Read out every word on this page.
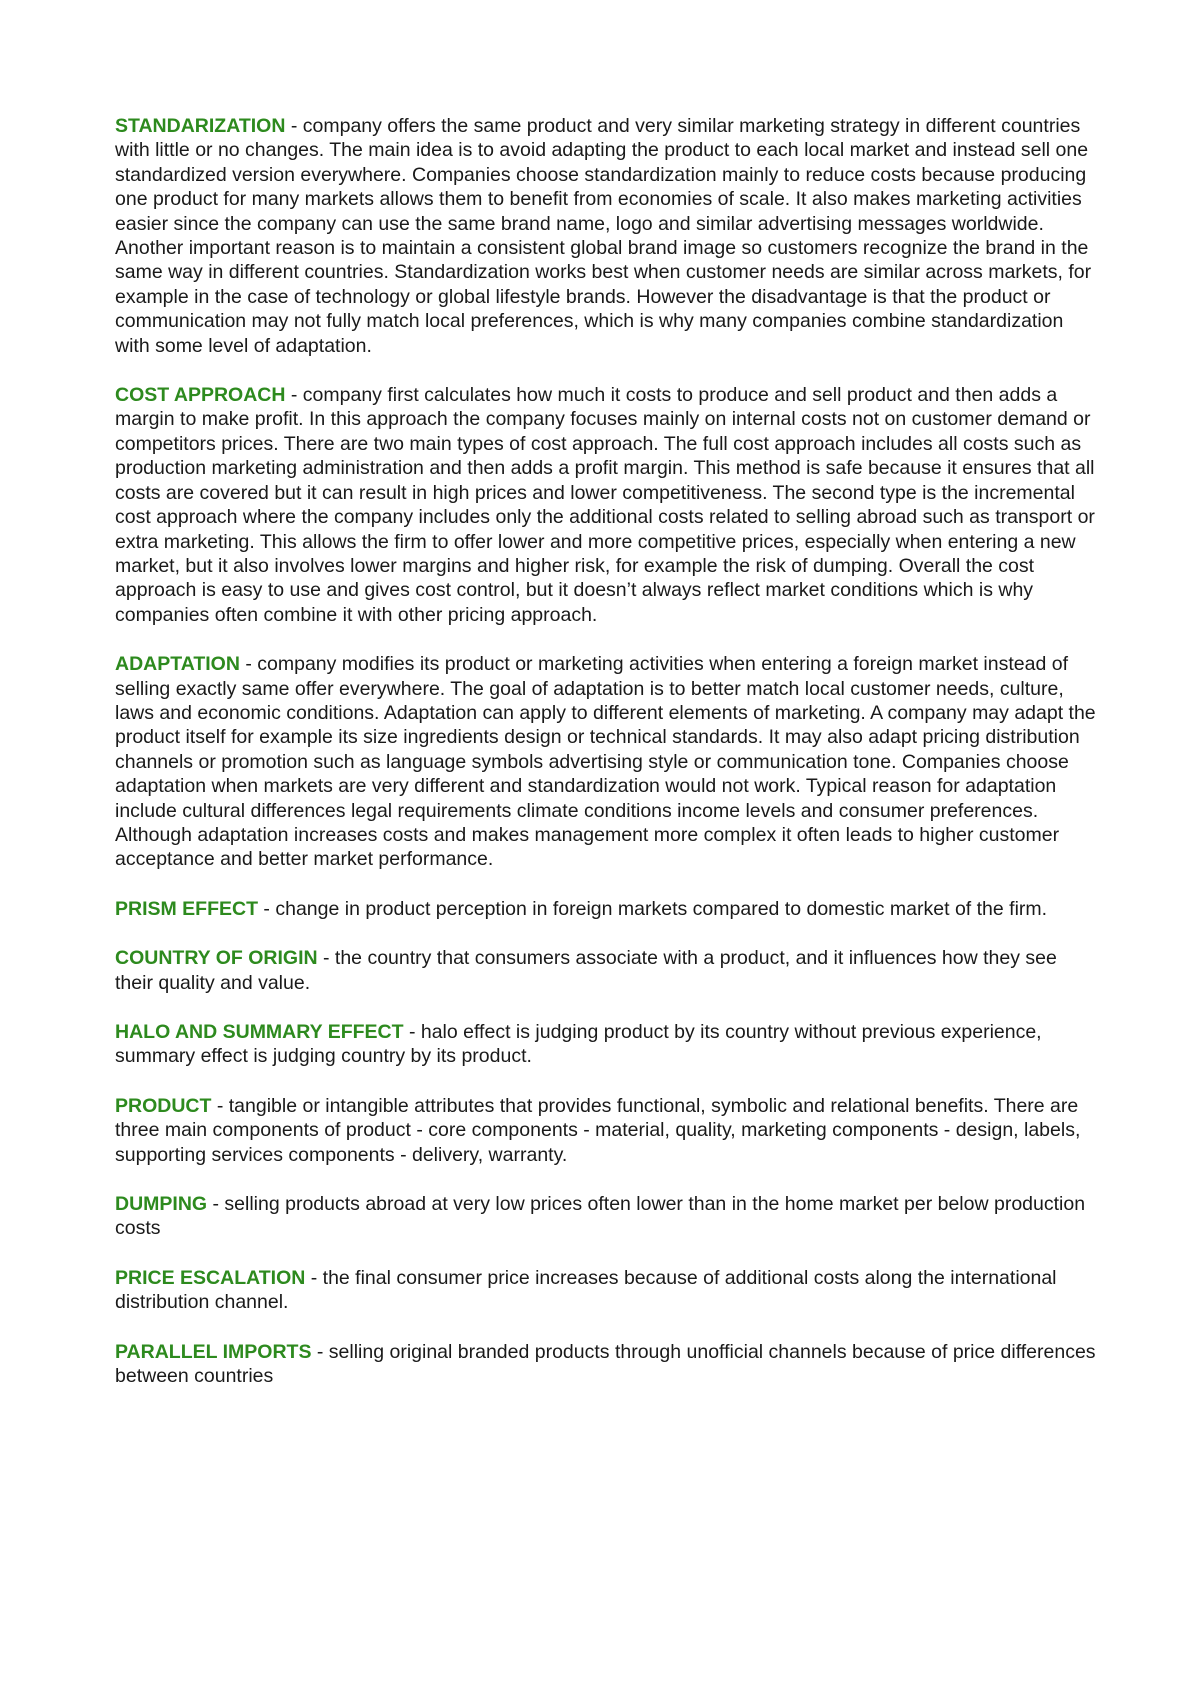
STANDARIZATION - company offers the same product and very similar marketing strategy in different countries with little or no changes. The main idea is to avoid adapting the product to each local market and instead sell one standardized version everywhere. Companies choose standardization mainly to reduce costs because producing one product for many markets allows them to benefit from economies of scale. It also makes marketing activities easier since the company can use the same brand name, logo and similar advertising messages worldwide. Another important reason is to maintain a consistent global brand image so customers recognize the brand in the same way in different countries. Standardization works best when customer needs are similar across markets, for example in the case of technology or global lifestyle brands. However the disadvantage is that the product or communication may not fully match local preferences, which is why many companies combine standardization with some level of adaptation.

COST APPROACH - company first calculates how much it costs to produce and sell product and then adds a margin to make profit. In this approach the company focuses mainly on internal costs not on customer demand or competitors prices. There are two main types of cost approach. The full cost approach includes all costs such as production marketing administration and then adds a profit margin. This method is safe because it ensures that all costs are covered but it can result in high prices and lower competitiveness. The second type is the incremental cost approach where the company includes only the additional costs related to selling abroad such as transport or extra marketing. This allows the firm to offer lower and more competitive prices, especially when entering a new market, but it also involves lower margins and higher risk, for example the risk of dumping. Overall the cost approach is easy to use and gives cost control, but it doesn’t always reflect market conditions which is why companies often combine it with other pricing approach.

ADAPTATION - company modifies its product or marketing activities when entering a foreign market instead of selling exactly same offer everywhere. The goal of adaptation is to better match local customer needs, culture, laws and economic conditions. Adaptation can apply to different elements of marketing. A company may adapt the product itself for example its size ingredients design or technical standards. It may also adapt pricing distribution channels or promotion such as language symbols advertising style or communication tone. Companies choose adaptation when markets are very different and standardization would not work. Typical reason for adaptation include cultural differences legal requirements climate conditions income levels and consumer preferences. Although adaptation increases costs and makes management more complex it often leads to higher customer acceptance and better market performance.

PRISM EFFECT - change in product perception in foreign markets compared to domestic market of the firm.

COUNTRY OF ORIGIN - the country that consumers associate with a product, and it influences how they see their quality and value.

HALO AND SUMMARY EFFECT - halo effect is judging product by its country without previous experience, summary effect is judging country by its product.

PRODUCT - tangible or intangible attributes that provides functional, symbolic and relational benefits. There are three main components of product - core components - material, quality, marketing components - design, labels, supporting services components - delivery, warranty.

DUMPING - selling products abroad at very low prices often lower than in the home market per below production costs

PRICE ESCALATION - the final consumer price increases because of additional costs along the international distribution channel.

PARALLEL IMPORTS - selling original branded products through unofficial channels because of price differences between countries
